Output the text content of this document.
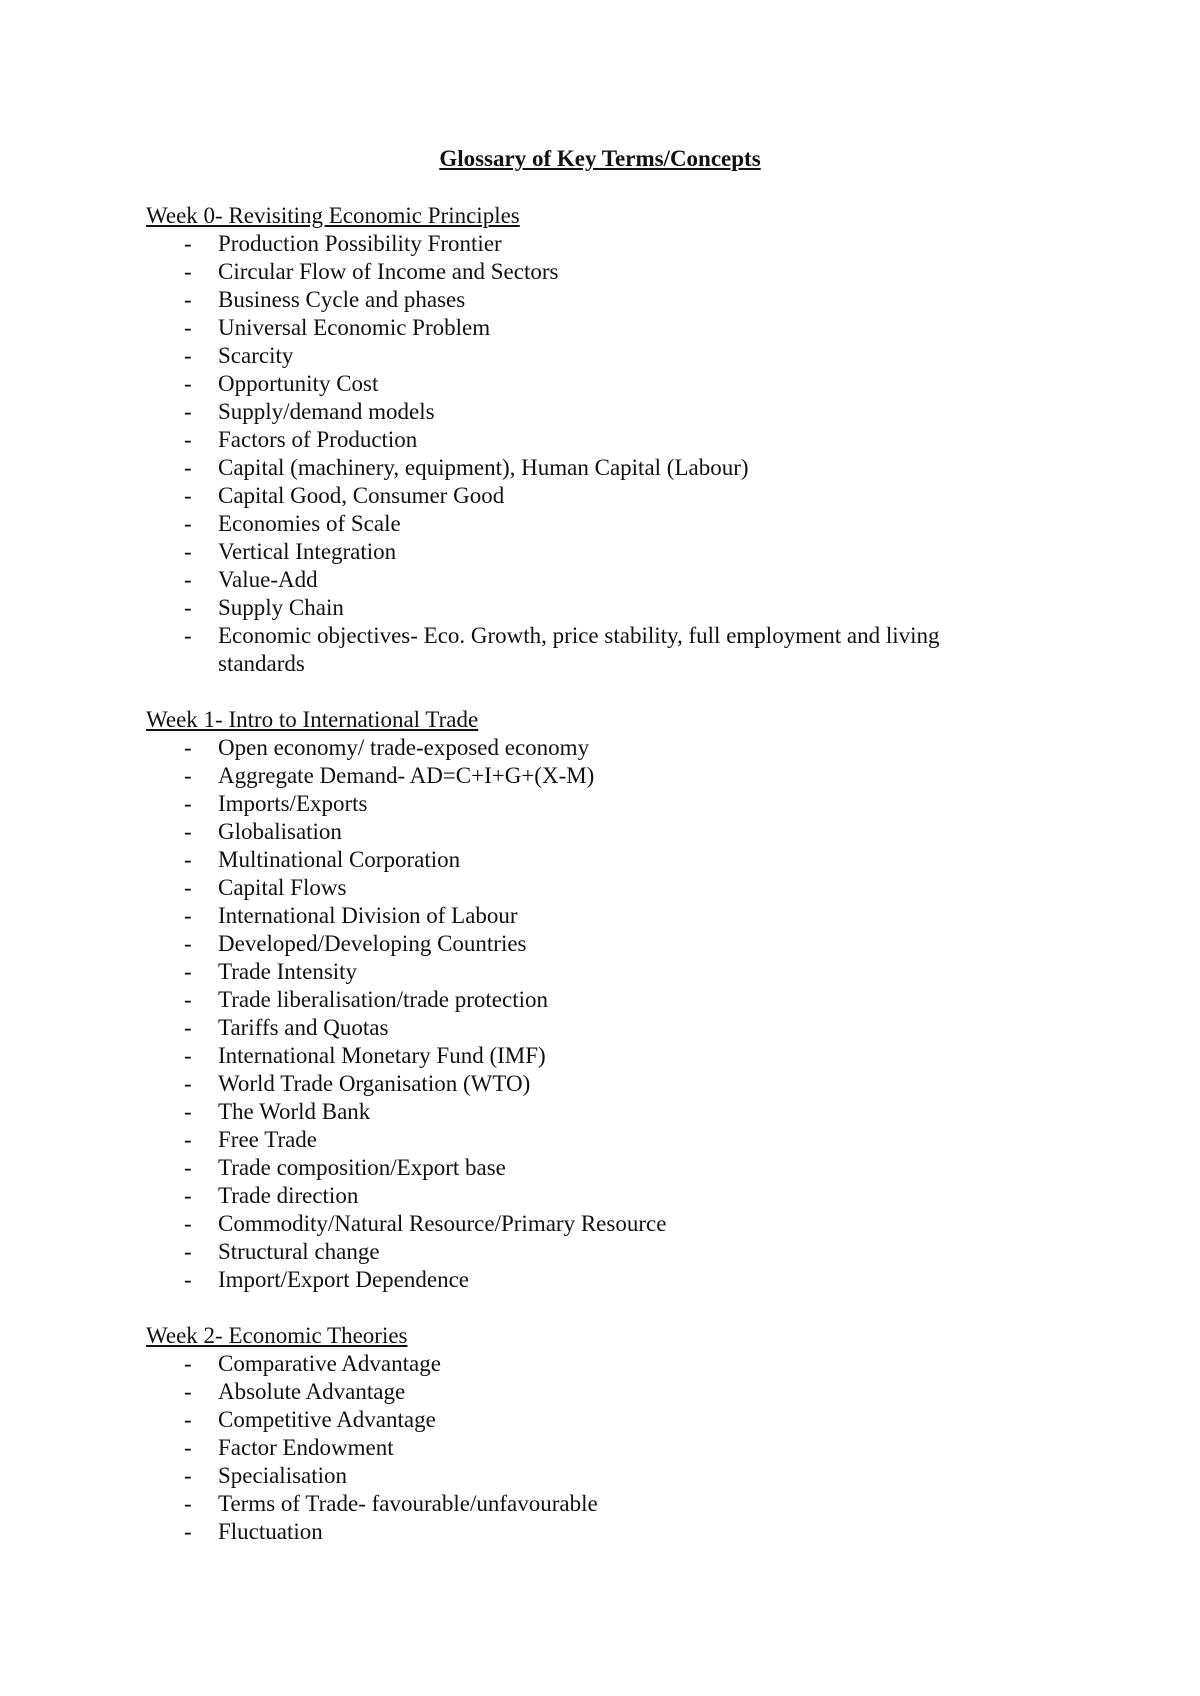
Glossary of Key Terms/Concepts

Week 0- Revisiting Economic Principles

- Production Possibility Frontier
- Circular Flow of Income and Sectors
- Business Cycle and phases
- Universal Economic Problem
- Scarcity
- Opportunity Cost
- Supply/demand models
- Factors of Production
- Capital (machinery, equipment), Human Capital (Labour)
- Capital Good, Consumer Good
- Economies of Scale
- Vertical Integration
- Value-Add
- Supply Chain
- Economic objectives- Eco. Growth, price stability, full employment and living standards

Week 1- Intro to International Trade

- Open economy/ trade-exposed economy
- Aggregate Demand- AD=C+I+G+(X-M)
- Imports/Exports
- Globalisation
- Multinational Corporation
- Capital Flows
- International Division of Labour
- Developed/Developing Countries
- Trade Intensity
- Trade liberalisation/trade protection
- Tariffs and Quotas
- International Monetary Fund (IMF)
- World Trade Organisation (WTO)
- The World Bank
- Free Trade
- Trade composition/Export base
- Trade direction
- Commodity/Natural Resource/Primary Resource
- Structural change
- Import/Export Dependence

Week 2- Economic Theories

- Comparative Advantage
- Absolute Advantage
- Competitive Advantage
- Factor Endowment
- Specialisation
- Terms of Trade- favourable/unfavourable
- Fluctuation
